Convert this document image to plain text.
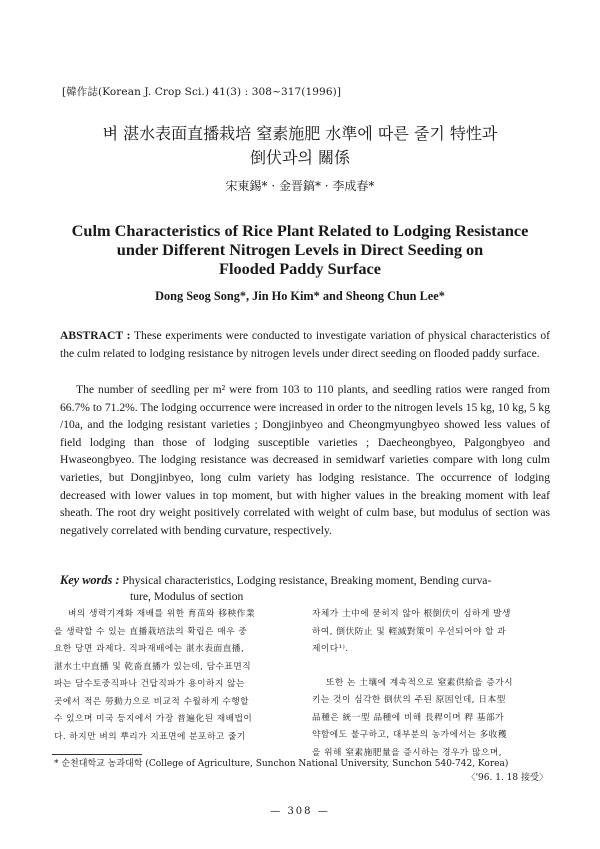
[韓作誌(Korean J. Crop Sci.) 41(3) : 308~317(1996)]
벼 湛水表面直播栽培 窒素施肥 水準에 따른 줄기 特性과
倒伏과의 關係
宋東錫* · 金晋鎬* · 李成春*
Culm Characteristics of Rice Plant Related to Lodging Resistance
under Different Nitrogen Levels in Direct Seeding on
Flooded Paddy Surface
Dong Seog Song*, Jin Ho Kim* and Sheong Chun Lee*
ABSTRACT : These experiments were conducted to investigate variation of physical characteristics of the culm related to lodging resistance by nitrogen levels under direct seeding on flooded paddy surface.
The number of seedling per m² were from 103 to 110 plants, and seedling ratios were ranged from 66.7% to 71.2%. The lodging occurrence were increased in order to the nitrogen levels 15 kg, 10 kg, 5 kg /10a, and the lodging resistant varieties ; Dongjinbyeo and Cheongmyungbyeo showed less values of field lodging than those of lodging susceptible varieties ; Daecheongbyeo, Palgongbyeo and Hwaseongbyeo. The lodging resistance was decreased in semidwarf varieties compare with long culm varieties, but Dongjinbyeo, long culm variety has lodging resistance. The occurrence of lodging decreased with lower values in top moment, but with higher values in the breaking moment with leaf sheath. The root dry weight positively correlated with weight of culm base, but modulus of section was negatively correlated with bending curvature, respectively.
Key words : Physical characteristics, Lodging resistance, Breaking moment, Bending curva-
ture, Modulus of section

벼의 생력기계화 재배를 위한 育苗와 移秧作業

을 생략할 수 있는 直播栽培法의 확립은 매우 중

요한 당면 과제다. 직파재배에는 湛水表面直播,

湛水土中直播 및 乾畓直播가 있는데, 담수표면직

파는 담수토중직파나 건답직파가 용이하지 않는

곳에서 적은 勞動力으로 비교적 수월하게 수행할

수 있으며 미국 등지에서 가장 普遍化된 재배법이

다. 하지만 벼의 뿌리가 지표면에 분포하고 줄기

자체가 土中에 묻히지 않아 根倒伏이 심하게 발생

하여, 倒伏防止 및 輕減對策이 우선되어야 할 과

제이다¹⁾.

또한 논 土壤에 계속적으로 窒素供給을 증가시

키는 것이 심각한 倒伏의 주된 原因인데, 日本型

品種은 統一型 品種에 비해 長稈이며 稈 基部가

약함에도 불구하고, 대부분의 농가에서는 多收穫

을 위해 窒素施肥量을 증시하는 경우가 많으며,

* 순천대학교 농과대학 (College of Agriculture, Sunchon National University, Sunchon 540-742, Korea)
〈'96. 1. 18 接受〉
— 308 —
